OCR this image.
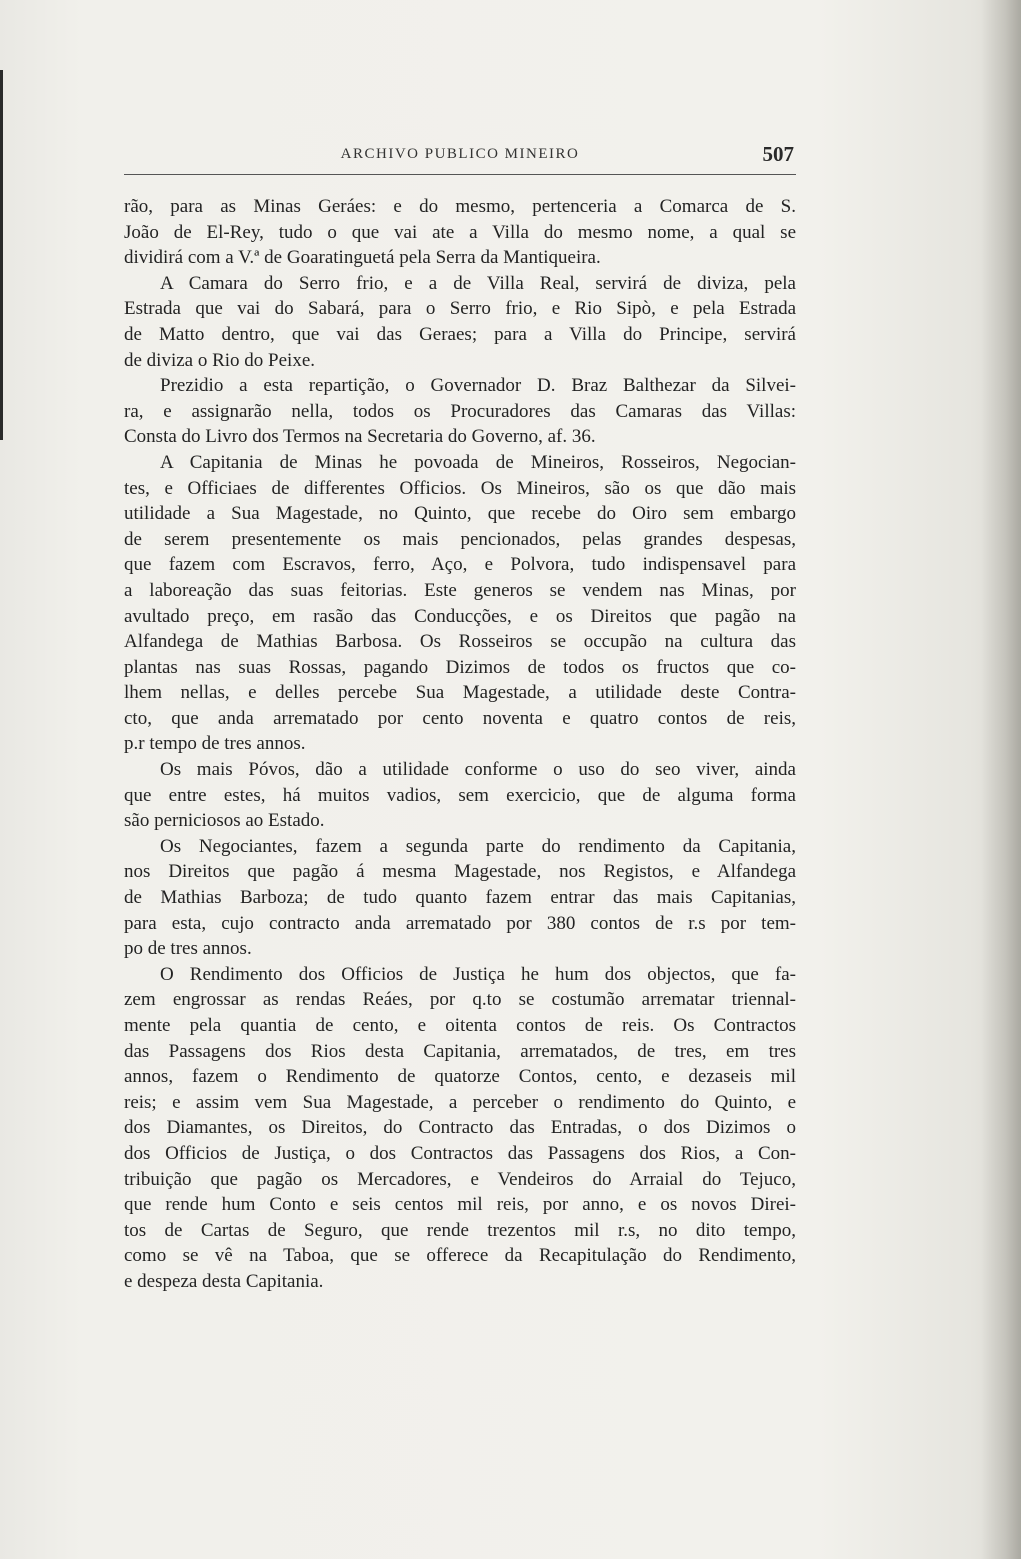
ARCHIVO PUBLICO MINEIRO	507
rão, para as Minas Geráes: e do mesmo, pertenceria a Comarca de S.
João de El-Rey, tudo o que vai ate a Villa do mesmo nome, a qual se
dividirá com a V.ª de Goaratinguetá pela Serra da Mantiqueira.
A Camara do Serro frio, e a de Villa Real, servirá de diviza, pela
Estrada que vai do Sabará, para o Serro frio, e Rio Sipò, e pela Estrada
de Matto dentro, que vai das Geraes; para a Villa do Principe, servirá
de diviza o Rio do Peixe.
Prezidio a esta repartição, o Governador D. Braz Balthezar da Silvei-
ra, e assignarão nella, todos os Procuradores das Camaras das Villas:
Consta do Livro dos Termos na Secretaria do Governo, af. 36.
A Capitania de Minas he povoada de Mineiros, Rosseiros, Negocian-
tes, e Officiaes de differentes Officios. Os Mineiros, são os que dão mais
utilidade a Sua Magestade, no Quinto, que recebe do Oiro sem embargo
de serem presentemente os mais pencionados, pelas grandes despesas,
que fazem com Escravos, ferro, Aço, e Polvora, tudo indispensavel para
a laboreação das suas feitorias. Este generos se vendem nas Minas, por
avultado preço, em rasão das Conducções, e os Direitos que pagão na
Alfandega de Mathias Barbosa. Os Rosseiros se occupão na cultura das
plantas nas suas Rossas, pagando Dizimos de todos os fructos que co-
lhem nellas, e delles percebe Sua Magestade, a utilidade deste Contra-
cto, que anda arrematado por cento noventa e quatro contos de reis,
p.r tempo de tres annos.
Os mais Póvos, dão a utilidade conforme o uso do seo viver, ainda
que entre estes, há muitos vadios, sem exercicio, que de alguma forma
são perniciosos ao Estado.
Os Negociantes, fazem a segunda parte do rendimento da Capitania,
nos Direitos que pagão á mesma Magestade, nos Registos, e Alfandega
de Mathias Barboza; de tudo quanto fazem entrar das mais Capitanias,
para esta, cujo contracto anda arrematado por 380 contos de r.s por tem-
po de tres annos.
O Rendimento dos Officios de Justiça he hum dos objectos, que fa-
zem engrossar as rendas Reáes, por q.to se costumão arrematar triennal-
mente pela quantia de cento, e oitenta contos de reis. Os Contractos
das Passagens dos Rios desta Capitania, arrematados, de tres, em tres
annos, fazem o Rendimento de quatorze Contos, cento, e dezaseis mil
reis; e assim vem Sua Magestade, a perceber o rendimento do Quinto, e
dos Diamantes, os Direitos, do Contracto das Entradas, o dos Dizimos o
dos Officios de Justiça, o dos Contractos das Passagens dos Rios, a Con-
tribuição que pagão os Mercadores, e Vendeiros do Arraial do Tejuco,
que rende hum Conto e seis centos mil reis, por anno, e os novos Direi-
tos de Cartas de Seguro, que rende trezentos mil r.s, no dito tempo,
como se vê na Taboa, que se offerece da Recapitulação do Rendimento,
e despeza desta Capitania.
